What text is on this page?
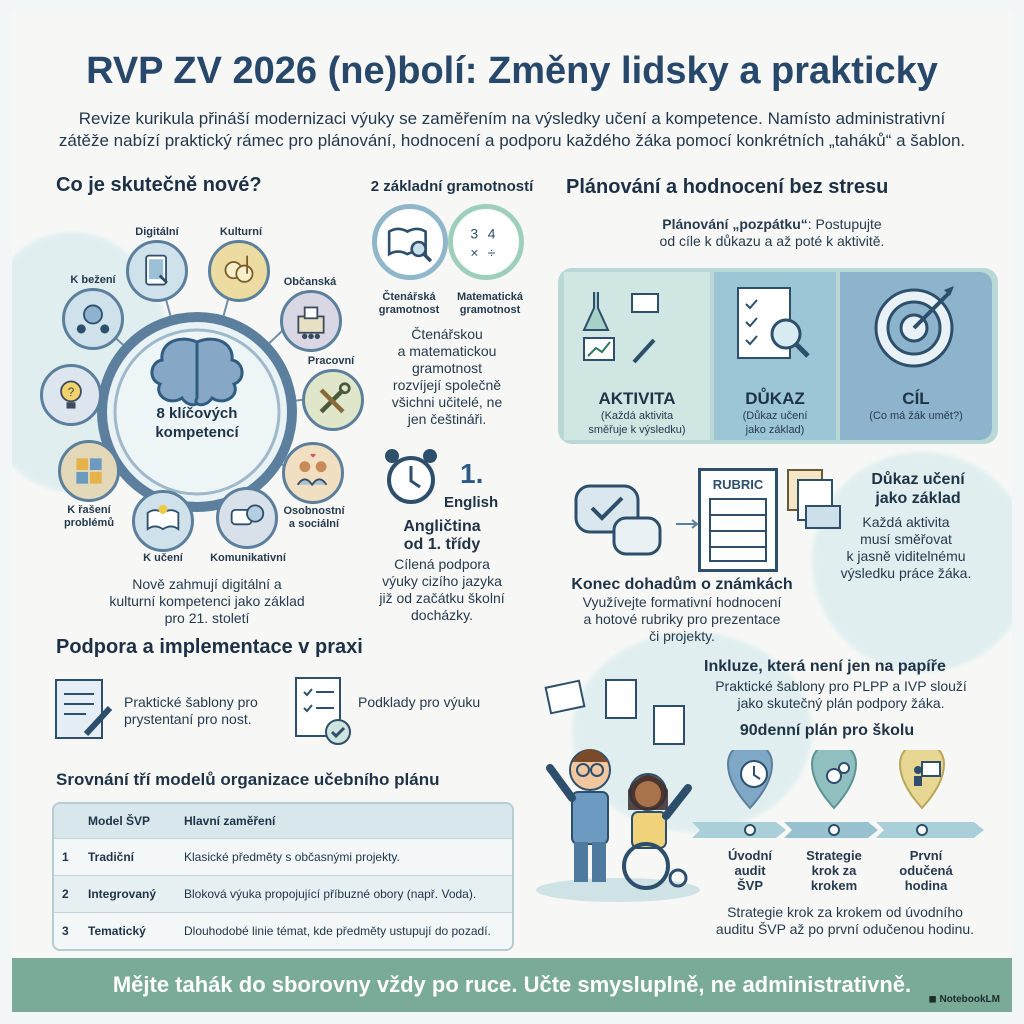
RVP ZV 2026 (ne)bolí: Změny lidsky a prakticky
Revize kurikula přináší modernizaci výuky se zaměřením na výsledky učení a kompetence. Namísto administrativní
zátěže nabízí praktický rámec pro plánování, hodnocení a podporu každého žáka pomocí konkrétních „taháků“ a šablon.
Co je skutečně nové?
8 klíčových
kompetencí
Digitální	Kulturní
Občanská
Pracovní
Osobnostní
a sociální
Komunikativní
K učení
K řašení
problémů
?
K bežení
Nově zahmují digitální a
kulturní kompetenci jako základ
pro 21. století
2 základní gramotností
3 4
× ÷
Čtenářská
gramotnost
Matematická
gramotnost
Čtenářskou
a matematickou
gramotnost
rozvíjejí společně
všichni učitelé, ne
jen češtináři.
1.
English
Angličtina
od 1. třídy
Cílená podpora
výuky cizího jazyka
již od začátku školní
docházky.
Plánování a hodnocení bez stresu
Plánování „pozpátku“: Postupujte
od cíle k důkazu a až poté k aktivitě.
AKTIVITA
(Každá aktivita
směřuje k výsledku)
DŮKAZ
(Důkaz učení
jako základ)
CÍL
(Co má žák umět?)
RUBRIC
Konec dohadům o známkách
Využívejte formativní hodnocení
a hotové rubriky pro prezentace
či projekty.
Důkaz učení
jako základ
Každá aktivita
musí směřovat
k jasně viditelnému
výsledku práce žáka.
Podpora a implementace v praxi
Praktické šablony pro
prystentaní pro nost.
Podklady pro výuku
Inkluze, která není jen na papíře
Praktické šablony pro PLPP a IVP slouží
jako skutečný plán podpory žáka.
90denní plán pro školu
Úvodní
audit
ŠVP
Strategie
krok za
krokem
První
odučená
hodina
Strategie krok za krokem od úvodního
auditu ŠVP až po první odučenou hodinu.
Srovnání tří modelů organizace učebního plánu
	Model ŠVP	Hlavní zaměření
1	Tradiční	Klasické předměty s občasnými projekty.
2	Integrovaný	Bloková výuka propojující příbuzné obory (např. Voda).
3	Tematický	Dlouhodobé linie témat, kde předměty ustupují do pozadí.
Mějte tahák do sborovny vždy po ruce. Učte smysluplně, ne administrativně.
◼ NotebookLM
